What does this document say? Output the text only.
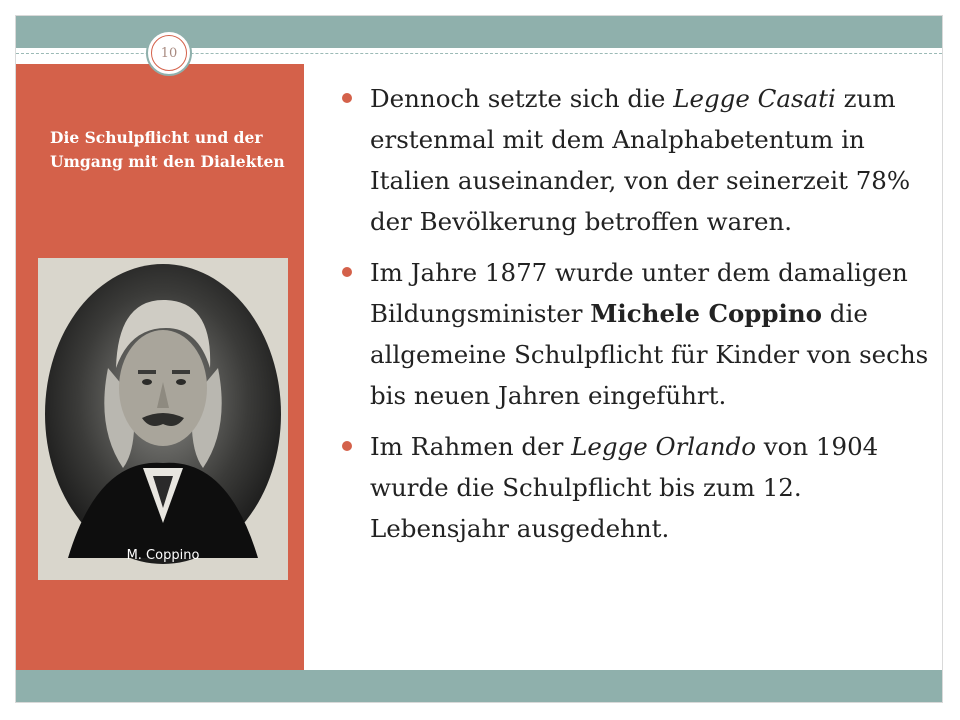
Die Schulpflicht und der Umgang mit den Dialekten
M. Coppino
10
Dennoch setzte sich die Legge Casati zum erstenmal mit dem Analphabetentum in Italien auseinander, von der seinerzeit 78% der Bevölkerung betroffen waren.
Im Jahre 1877 wurde unter dem damaligen Bildungsminister Michele Coppino die allgemeine Schulpflicht für Kinder von sechs bis neuen Jahren eingeführt.
Im Rahmen der Legge Orlando von 1904 wurde die Schulpflicht bis zum 12. Lebensjahr ausgedehnt.
